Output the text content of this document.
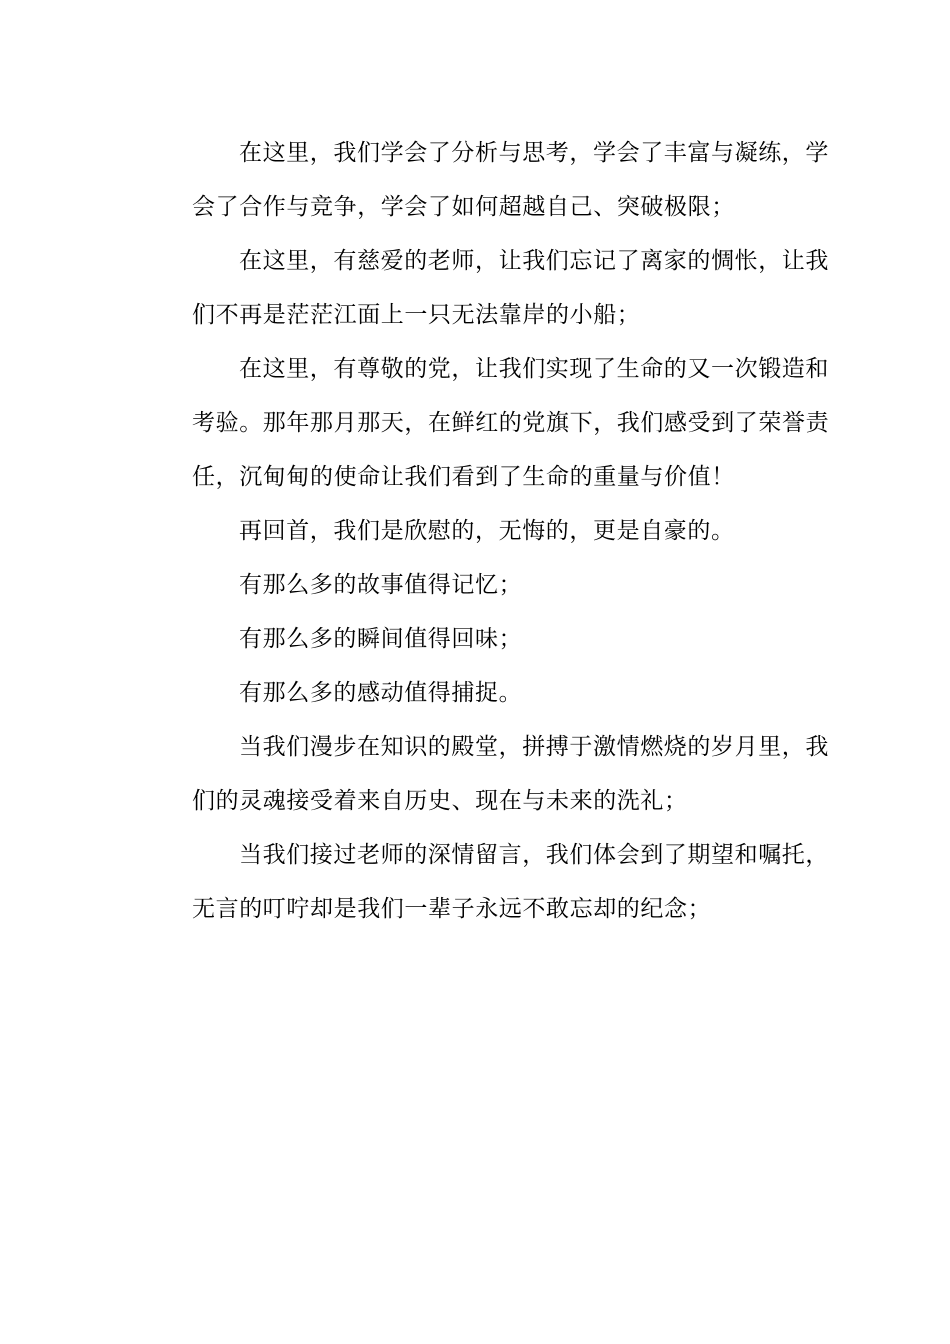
在这里，我们学会了分析与思考，学会了丰富与凝练，学
会了合作与竞争，学会了如何超越自己、突破极限；

在这里，有慈爱的老师，让我们忘记了离家的惆怅，让我
们不再是茫茫江面上一只无法靠岸的小船；

在这里，有尊敬的党，让我们实现了生命的又一次锻造和
考验。那年那月那天，在鲜红的党旗下，我们感受到了荣誉责
任，沉甸甸的使命让我们看到了生命的重量与价值！

再回首，我们是欣慰的，无悔的，更是自豪的。

有那么多的故事值得记忆；

有那么多的瞬间值得回味；

有那么多的感动值得捕捉。

当我们漫步在知识的殿堂，拼搏于激情燃烧的岁月里，我
们的灵魂接受着来自历史、现在与未来的洗礼；

当我们接过老师的深情留言，我们体会到了期望和嘱托，
无言的叮咛却是我们一辈子永远不敢忘却的纪念；
